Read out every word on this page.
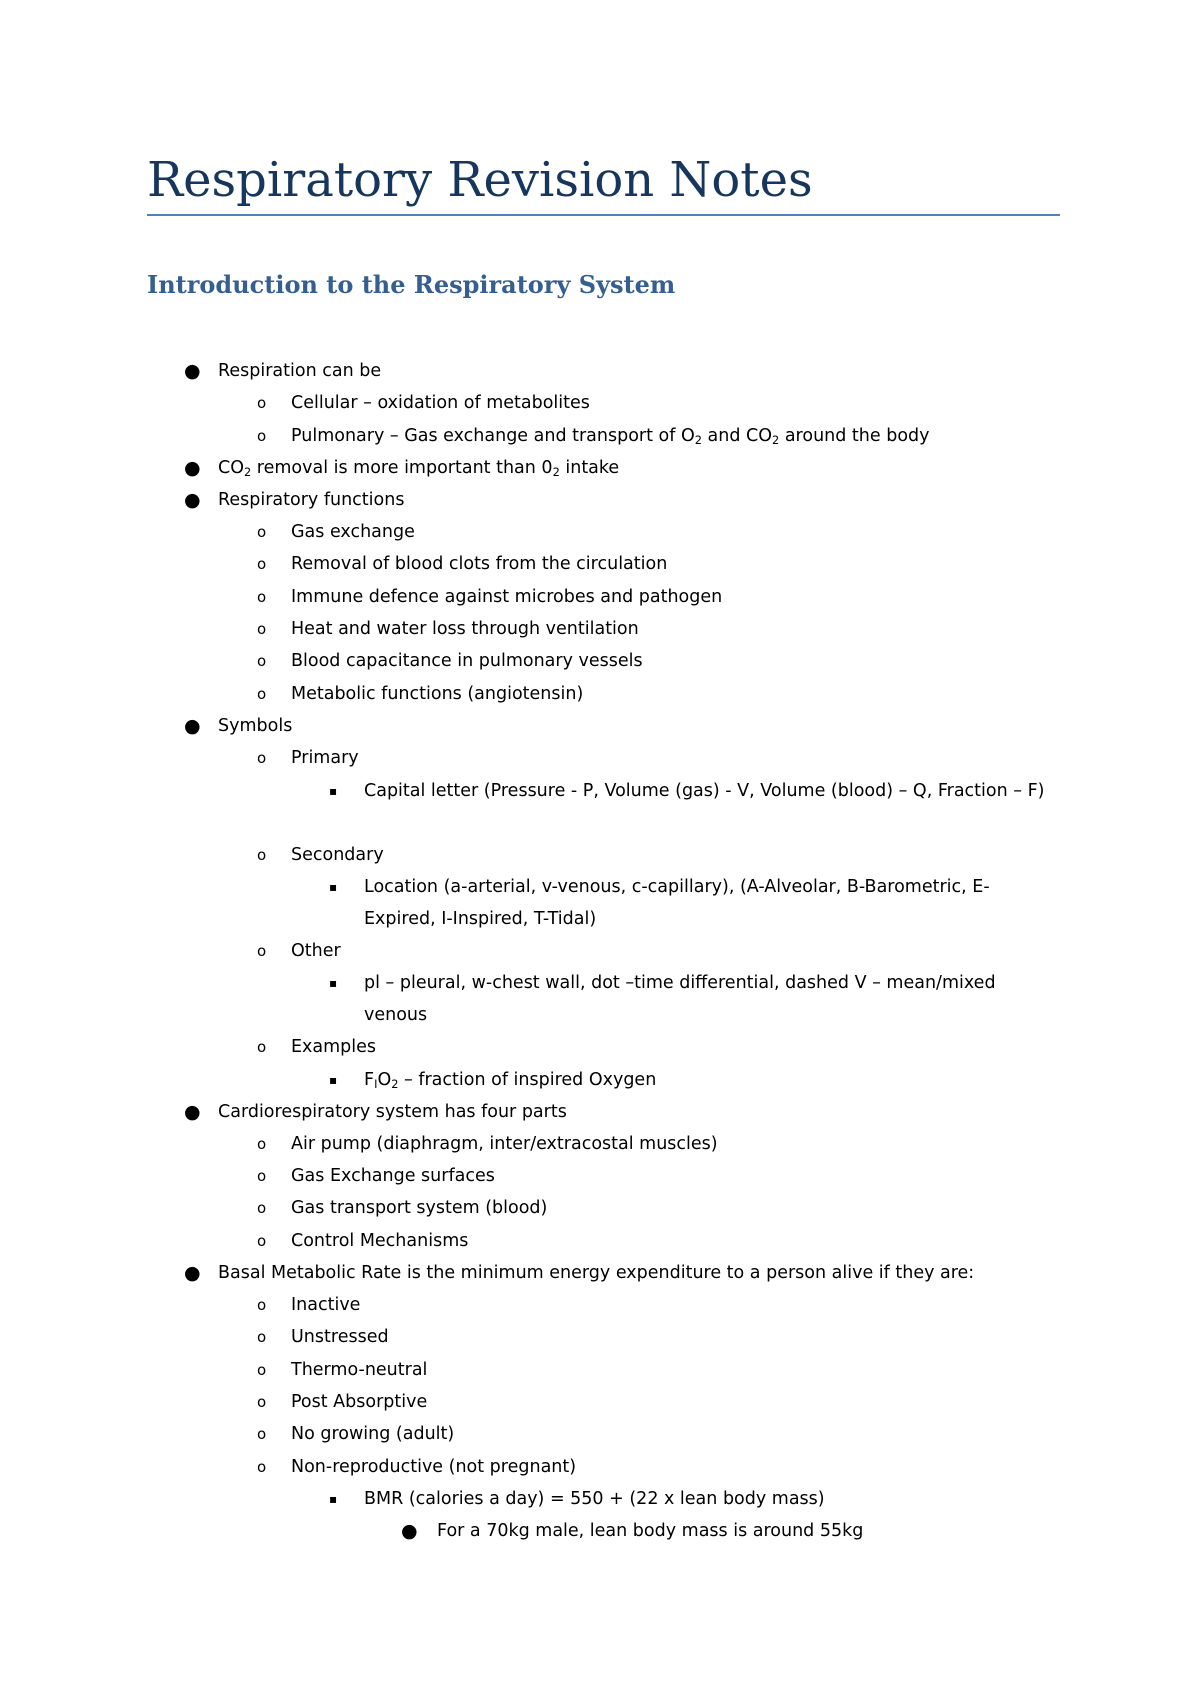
Respiratory Revision Notes
Introduction to the Respiratory System
● Respiration can be
o Cellular – oxidation of metabolites
o Pulmonary – Gas exchange and transport of $O_2$ and $CO_2$ around the body
● $CO_2$ removal is more important than $0_2$ intake
● Respiratory functions
o Gas exchange
o Removal of blood clots from the circulation
o Immune defence against microbes and pathogen
o Heat and water loss through ventilation
o Blood capacitance in pulmonary vessels
o Metabolic functions (angiotensin)
● Symbols
o Primary
▪ Capital letter (Pressure - P, Volume (gas) - V, Volume (blood) – Q, Fraction – F)
o Secondary
▪ Location (a-arterial, v-venous, c-capillary), (A-Alveolar, B-Barometric, E-Expired, I-Inspired, T-Tidal)
o Other
▪ pl – pleural, w-chest wall, dot –time differential, dashed V – mean/mixed venous
o Examples
▪ $F_IO_2$ – fraction of inspired Oxygen
● Cardiorespiratory system has four parts
o Air pump (diaphragm, inter/extracostal muscles)
o Gas Exchange surfaces
o Gas transport system (blood)
o Control Mechanisms
● Basal Metabolic Rate is the minimum energy expenditure to a person alive if they are:
o Inactive
o Unstressed
o Thermo-neutral
o Post Absorptive
o No growing (adult)
o Non-reproductive (not pregnant)
▪ BMR (calories a day) = 550 + (22 x lean body mass)
● For a 70kg male, lean body mass is around 55kg
